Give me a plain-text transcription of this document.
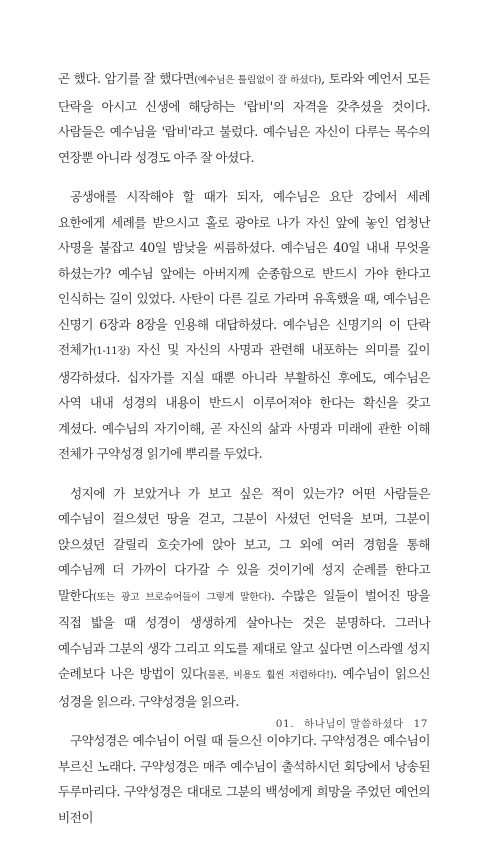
곤 했다. 암기를 잘 했다면(예수님은 틀림없이 잘 하셨다), 토라와 예언서 모든 단락을 아시고 신생에 해당하는 '랍비'의 자격을 갖추셨을 것이다. 사람들은 예수님을 '랍비'라고 불렀다. 예수님은 자신이 다루는 목수의 연장뿐 아니라 성경도 아주 잘 아셨다.

공생애를 시작해야 할 때가 되자, 예수님은 요단 강에서 세례 요한에게 세례를 받으시고 홀로 광야로 나가 자신 앞에 놓인 엄청난 사명을 붙잡고 40일 밤낮을 씨름하셨다. 예수님은 40일 내내 무엇을 하셨는가? 예수님 앞에는 아버지께 순종함으로 반드시 가야 한다고 인식하는 길이 있었다. 사탄이 다른 길로 가라며 유혹했을 때, 예수님은 신명기 6장과 8장을 인용해 대답하셨다. 예수님은 신명기의 이 단락 전체가(1-11장) 자신 및 자신의 사명과 관련해 내포하는 의미를 깊이 생각하셨다. 십자가를 지실 때뿐 아니라 부활하신 후에도, 예수님은 사역 내내 성경의 내용이 반드시 이루어져야 한다는 확신을 갖고 계셨다. 예수님의 자기이해, 곧 자신의 삶과 사명과 미래에 관한 이해 전체가 구약성경 읽기에 뿌리를 두었다.

성지에 가 보았거나 가 보고 싶은 적이 있는가? 어떤 사람들은 예수님이 걸으셨던 땅을 걷고, 그분이 사셨던 언덕을 보며, 그분이 앉으셨던 갈릴리 호숫가에 앉아 보고, 그 외에 여러 경험을 통해 예수님께 더 가까이 다가갈 수 있을 것이기에 성지 순례를 한다고 말한다(또는 광고 브로슈어들이 그렇게 말한다). 수많은 일들이 벌어진 땅을 직접 밟을 때 성경이 생생하게 살아나는 것은 분명하다. 그러나 예수님과 그분의 생각 그리고 의도를 제대로 알고 싶다면 이스라엘 성지 순례보다 나은 방법이 있다(물론, 비용도 훨씬 저렴하다!). 예수님이 읽으신 성경을 읽으라. 구약성경을 읽으라.

구약성경은 예수님이 어릴 때 들으신 이야기다. 구약성경은 예수님이 부르신 노래다. 구약성경은 매주 예수님이 출석하시던 회당에서 낭송된 두루마리다. 구약성경은 대대로 그분의 백성에게 희망을 주었던 예언의 비전이

01. 하나님이 말씀하셨다 17
